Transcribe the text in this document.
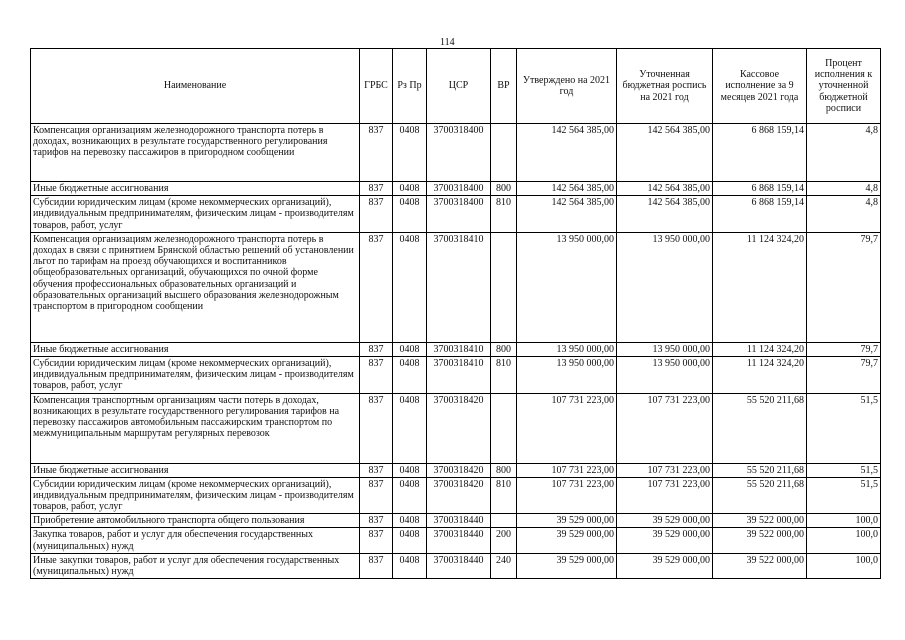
114
Наименование	ГРБС	Рз Пр	ЦСР	ВР	Утверждено на 2021 год	Уточненная бюджетная роспись на 2021 год	Кассовое исполнение за 9 месяцев 2021 года	Процент исполнения к уточненной бюджетной росписи
Компенсация организациям железнодорожного транспорта потерь в доходах, возникающих в результате государственного регулирования тарифов на перевозку пассажиров в пригородном сообщении	837	0408	3700318400		142 564 385,00	142 564 385,00	6 868 159,14	4,8
Иные бюджетные ассигнования	837	0408	3700318400	800	142 564 385,00	142 564 385,00	6 868 159,14	4,8
Субсидии юридическим лицам (кроме некоммерческих организаций), индивидуальным предпринимателям, физическим лицам - производителям товаров, работ, услуг	837	0408	3700318400	810	142 564 385,00	142 564 385,00	6 868 159,14	4,8
Компенсация организациям железнодорожного транспорта потерь в доходах в связи с принятием Брянской областью решений об установлении льгот по тарифам на проезд обучающихся и воспитанников общеобразовательных организаций, обучающихся по очной форме обучения профессиональных образовательных организаций и образовательных организаций высшего образования железнодорожным транспортом в пригородном сообщении	837	0408	3700318410		13 950 000,00	13 950 000,00	11 124 324,20	79,7
Иные бюджетные ассигнования	837	0408	3700318410	800	13 950 000,00	13 950 000,00	11 124 324,20	79,7
Субсидии юридическим лицам (кроме некоммерческих организаций), индивидуальным предпринимателям, физическим лицам - производителям товаров, работ, услуг	837	0408	3700318410	810	13 950 000,00	13 950 000,00	11 124 324,20	79,7
Компенсация транспортным организациям части потерь в доходах, возникающих в результате государственного регулирования тарифов на перевозку пассажиров автомобильным пассажирским транспортом по межмуниципальным маршрутам регулярных перевозок	837	0408	3700318420		107 731 223,00	107 731 223,00	55 520 211,68	51,5
Иные бюджетные ассигнования	837	0408	3700318420	800	107 731 223,00	107 731 223,00	55 520 211,68	51,5
Субсидии юридическим лицам (кроме некоммерческих организаций), индивидуальным предпринимателям, физическим лицам - производителям товаров, работ, услуг	837	0408	3700318420	810	107 731 223,00	107 731 223,00	55 520 211,68	51,5
Приобретение автомобильного транспорта общего пользования	837	0408	3700318440		39 529 000,00	39 529 000,00	39 522 000,00	100,0
Закупка товаров, работ и услуг для обеспечения государственных (муниципальных) нужд	837	0408	3700318440	200	39 529 000,00	39 529 000,00	39 522 000,00	100,0
Иные закупки товаров, работ и услуг для обеспечения государственных (муниципальных) нужд	837	0408	3700318440	240	39 529 000,00	39 529 000,00	39 522 000,00	100,0
